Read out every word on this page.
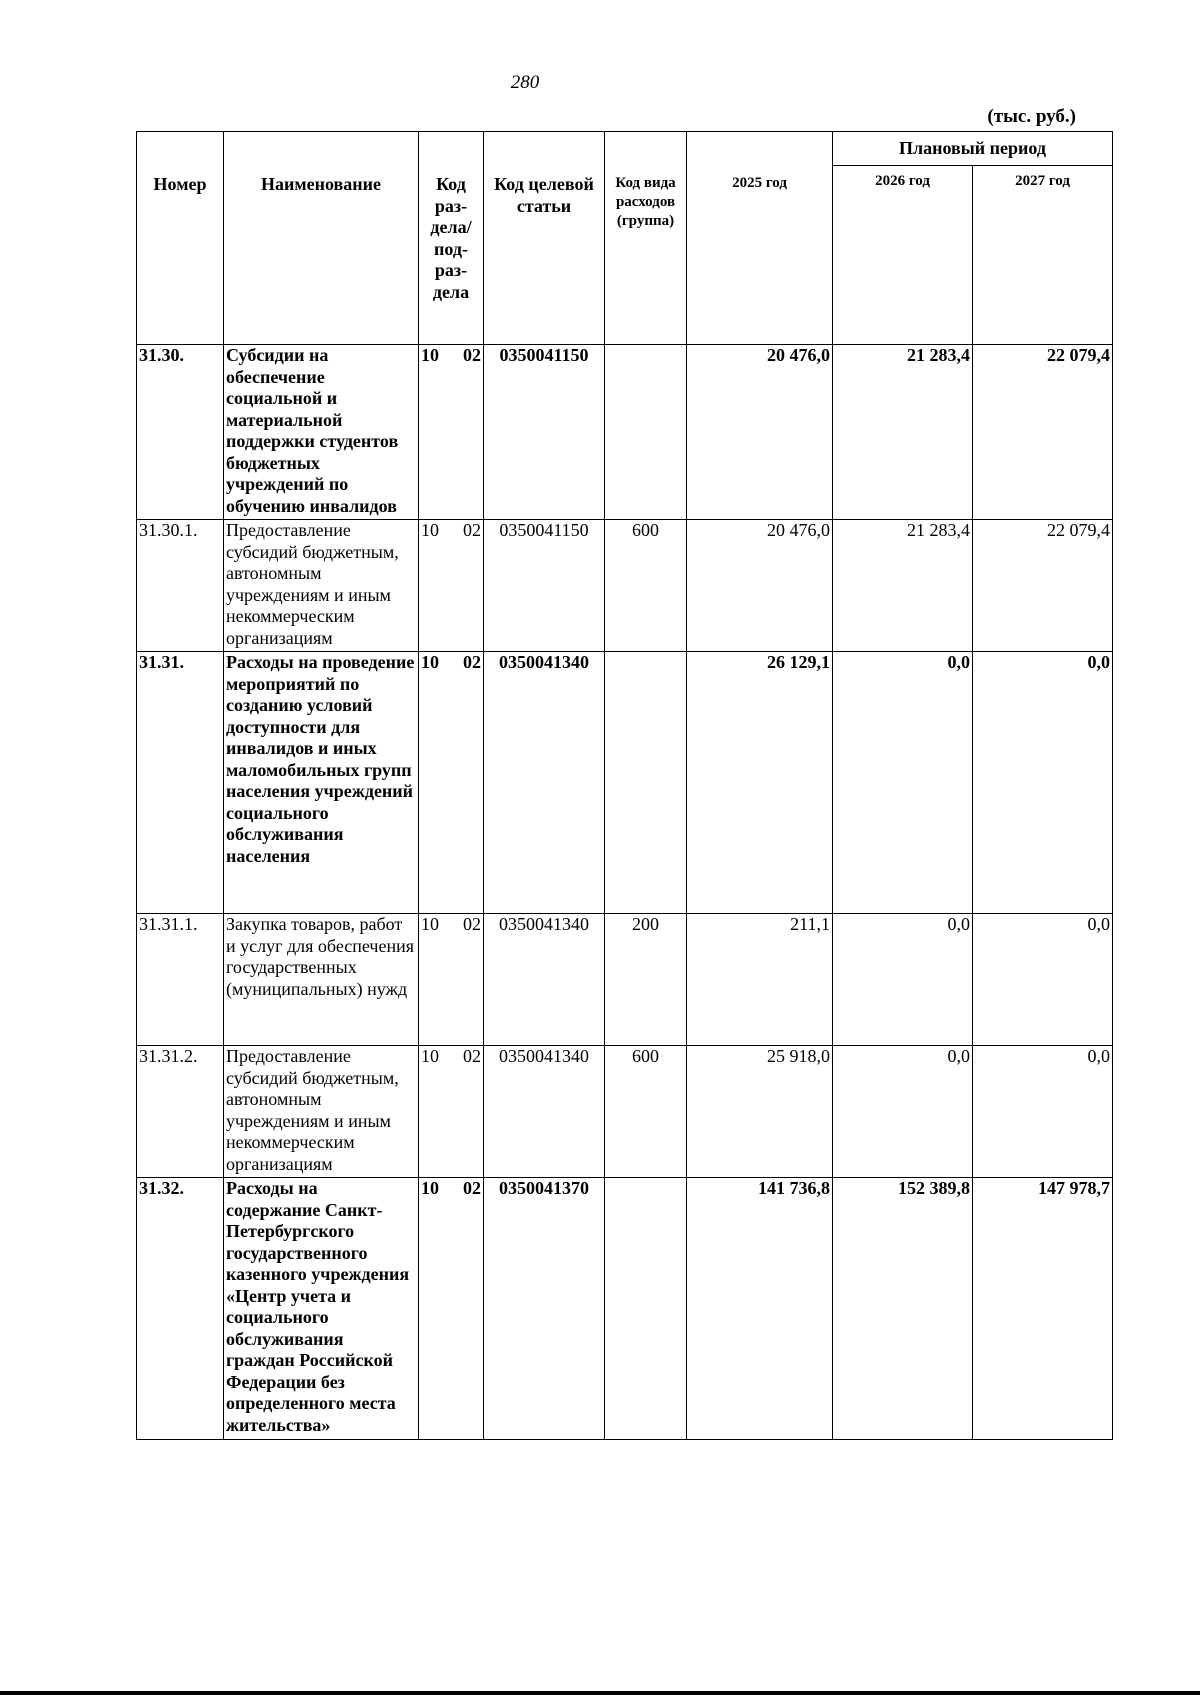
280
(тыс. руб.)
Номер	Наименование	Код раз-дела/ под-раз-дела	Код целевой статьи	Код вида расходов (группа)	2025 год	Плановый период	
						2026 год	2027 год
31.30.	Субсидии на обеспечение социальной и материальной поддержки студентов бюджетных учреждений по обучению инвалидов	10 02	0350041150		20 476,0	21 283,4	22 079,4
31.30.1.	Предоставление субсидий бюджетным, автономным учреждениям и иным некоммерческим организациям	10 02	0350041150	600	20 476,0	21 283,4	22 079,4
31.31.	Расходы на проведение мероприятий по созданию условий доступности для инвалидов и иных маломобильных групп населения учреждений социального обслуживания населения	10 02	0350041340		26 129,1	0,0	0,0
31.31.1.	Закупка товаров, работ и услуг для обеспечения государственных (муниципальных) нужд	10 02	0350041340	200	211,1	0,0	0,0
31.31.2.	Предоставление субсидий бюджетным, автономным учреждениям и иным некоммерческим организациям	10 02	0350041340	600	25 918,0	0,0	0,0
31.32.	Расходы на содержание Санкт-Петербургского государственного казенного учреждения «Центр учета и социального обслуживания граждан Российской Федерации без определенного места жительства»	10 02	0350041370		141 736,8	152 389,8	147 978,7
